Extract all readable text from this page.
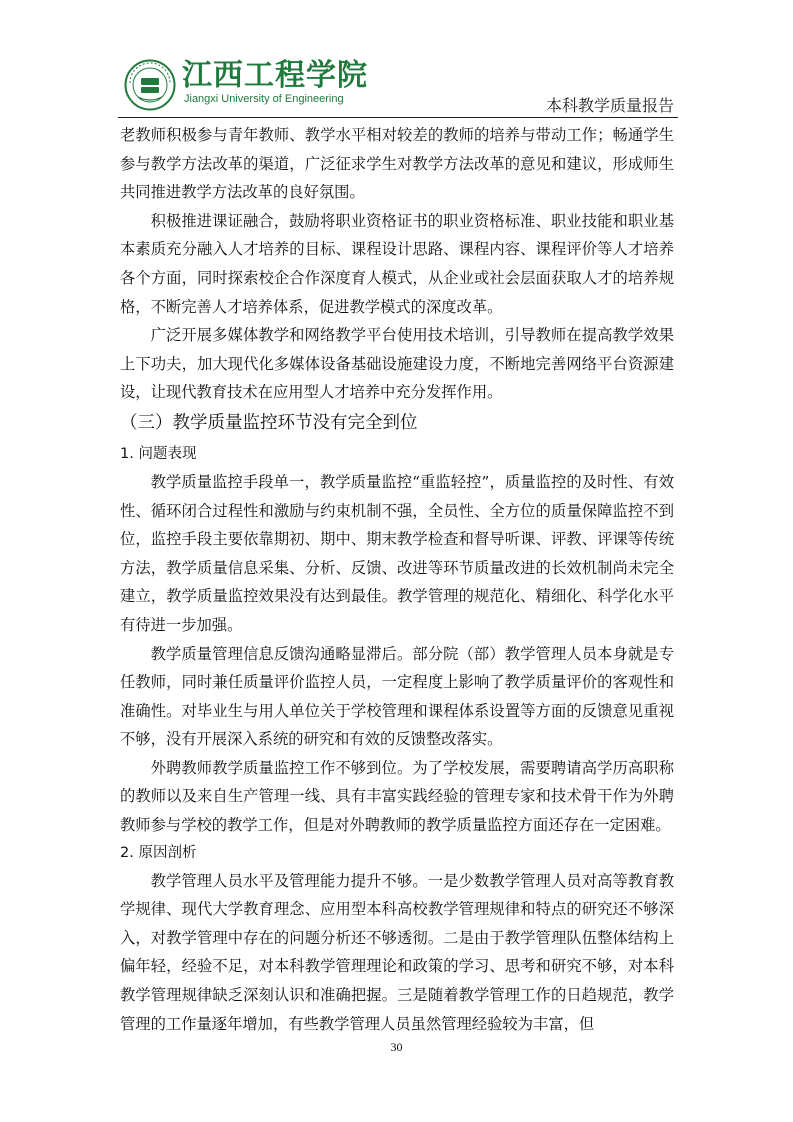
江西工程学院
Jiangxi University of Engineering	本科教学质量报告

老教师积极参与青年教师、教学水平相对较差的教师的培养与带动工作；畅通学生参与教学方法改革的渠道，广泛征求学生对教学方法改革的意见和建议，形成师生共同推进教学方法改革的良好氛围。

积极推进课证融合，鼓励将职业资格证书的职业资格标准、职业技能和职业基本素质充分融入人才培养的目标、课程设计思路、课程内容、课程评价等人才培养各个方面，同时探索校企合作深度育人模式，从企业或社会层面获取人才的培养规格，不断完善人才培养体系，促进教学模式的深度改革。

广泛开展多媒体教学和网络教学平台使用技术培训，引导教师在提高教学效果上下功夫，加大现代化多媒体设备基础设施建设力度，不断地完善网络平台资源建设，让现代教育技术在应用型人才培养中充分发挥作用。

（三）教学质量监控环节没有完全到位
1. 问题表现

教学质量监控手段单一，教学质量监控“重监轻控”，质量监控的及时性、有效性、循环闭合过程性和激励与约束机制不强，全员性、全方位的质量保障监控不到位，监控手段主要依靠期初、期中、期末教学检查和督导听课、评教、评课等传统方法，教学质量信息采集、分析、反馈、改进等环节质量改进的长效机制尚未完全建立，教学质量监控效果没有达到最佳。教学管理的规范化、精细化、科学化水平有待进一步加强。

教学质量管理信息反馈沟通略显滞后。部分院（部）教学管理人员本身就是专任教师，同时兼任质量评价监控人员，一定程度上影响了教学质量评价的客观性和准确性。对毕业生与用人单位关于学校管理和课程体系设置等方面的反馈意见重视不够，没有开展深入系统的研究和有效的反馈整改落实。

外聘教师教学质量监控工作不够到位。为了学校发展，需要聘请高学历高职称的教师以及来自生产管理一线、具有丰富实践经验的管理专家和技术骨干作为外聘教师参与学校的教学工作，但是对外聘教师的教学质量监控方面还存在一定困难。

2. 原因剖析

教学管理人员水平及管理能力提升不够。一是少数教学管理人员对高等教育教学规律、现代大学教育理念、应用型本科高校教学管理规律和特点的研究还不够深入，对教学管理中存在的问题分析还不够透彻。二是由于教学管理队伍整体结构上偏年轻，经验不足，对本科教学管理理论和政策的学习、思考和研究不够，对本科教学管理规律缺乏深刻认识和准确把握。三是随着教学管理工作的日趋规范，教学管理的工作量逐年增加，有些教学管理人员虽然管理经验较为丰富，但

30
